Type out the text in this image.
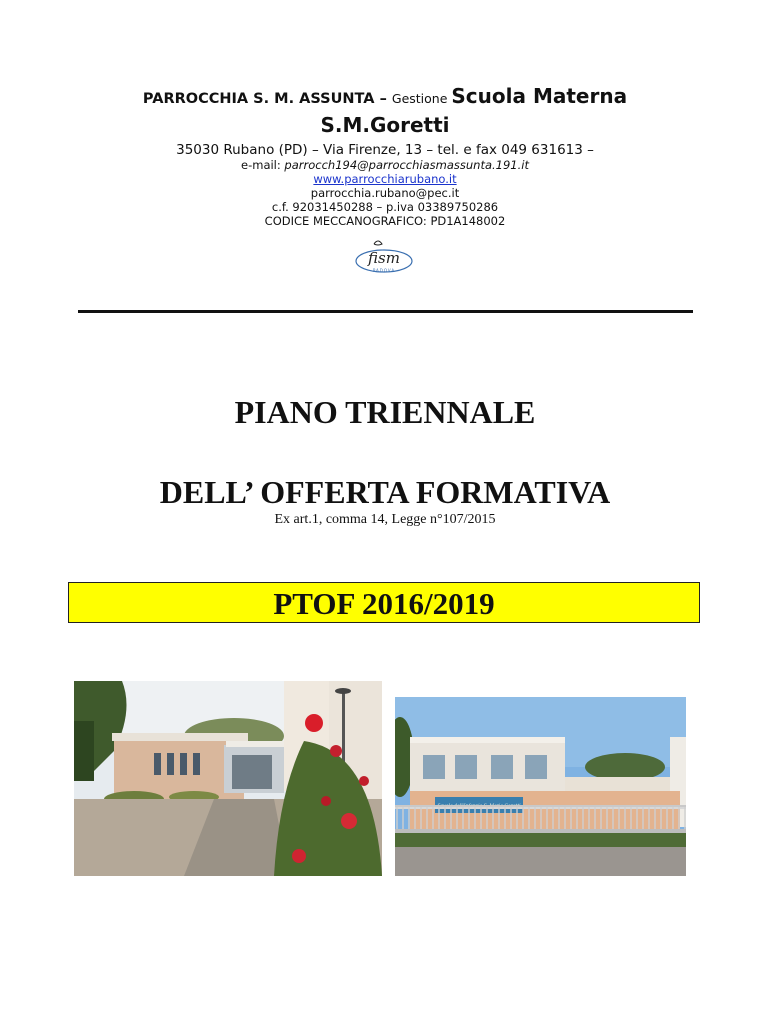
PARROCCHIA S. M. ASSUNTA – Gestione Scuola Materna
S.M.Goretti
35030 Rubano (PD) – Via Firenze, 13 – tel. e fax 049 631613 –
e-mail: parrocch194@parrocchiasmassunta.191.it
www.parrocchiarubano.it
parrocchia.rubano@pec.it
c.f. 92031450288 – p.iva 03389750286
CODICE MECCANOGRAFICO: PD1A148002
fism
PADOVA
PIANO TRIENNALE
DELL’ OFFERTA FORMATIVA
Ex art.1, comma 14, Legge n°107/2015
PTOF 2016/2019
